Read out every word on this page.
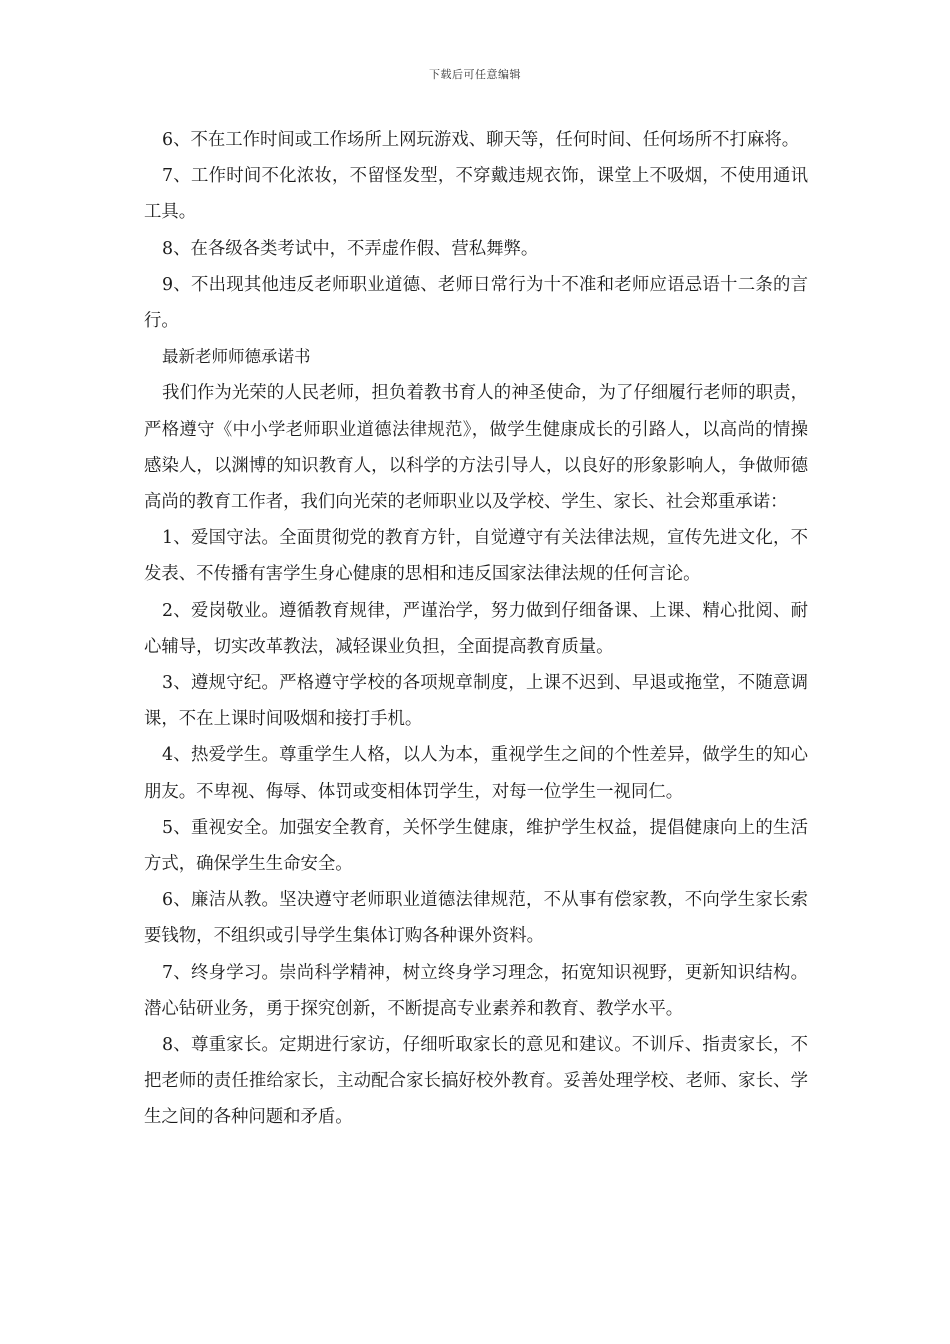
下载后可任意编辑

6、不在工作时间或工作场所上网玩游戏、聊天等，任何时间、任何场所不打麻将。

7、工作时间不化浓妆，不留怪发型，不穿戴违规衣饰，课堂上不吸烟，不使用通讯工具。

8、在各级各类考试中，不弄虚作假、营私舞弊。

9、不出现其他违反老师职业道德、老师日常行为十不准和老师应语忌语十二条的言行。

最新老师师德承诺书

我们作为光荣的人民老师，担负着教书育人的神圣使命，为了仔细履行老师的职责，严格遵守《中小学老师职业道德法律规范》，做学生健康成长的引路人，以高尚的情操感染人，以渊博的知识教育人，以科学的方法引导人，以良好的形象影响人，争做师德高尚的教育工作者，我们向光荣的老师职业以及学校、学生、家长、社会郑重承诺：

1、爱国守法。全面贯彻党的教育方针，自觉遵守有关法律法规，宣传先进文化，不发表、不传播有害学生身心健康的思相和违反国家法律法规的任何言论。

2、爱岗敬业。遵循教育规律，严谨治学，努力做到仔细备课、上课、精心批阅、耐心辅导，切实改革教法，减轻课业负担，全面提高教育质量。

3、遵规守纪。严格遵守学校的各项规章制度，上课不迟到、早退或拖堂，不随意调课，不在上课时间吸烟和接打手机。

4、热爱学生。尊重学生人格，以人为本，重视学生之间的个性差异，做学生的知心朋友。不卑视、侮辱、体罚或变相体罚学生，对每一位学生一视同仁。

5、重视安全。加强安全教育，关怀学生健康，维护学生权益，提倡健康向上的生活方式，确保学生生命安全。

6、廉洁从教。坚决遵守老师职业道德法律规范，不从事有偿家教，不向学生家长索要钱物，不组织或引导学生集体订购各种课外资料。

7、终身学习。崇尚科学精神，树立终身学习理念，拓宽知识视野，更新知识结构。潜心钻研业务，勇于探究创新，不断提高专业素养和教育、教学水平。

8、尊重家长。定期进行家访，仔细听取家长的意见和建议。不训斥、指责家长，不把老师的责任推给家长，主动配合家长搞好校外教育。妥善处理学校、老师、家长、学生之间的各种问题和矛盾。
